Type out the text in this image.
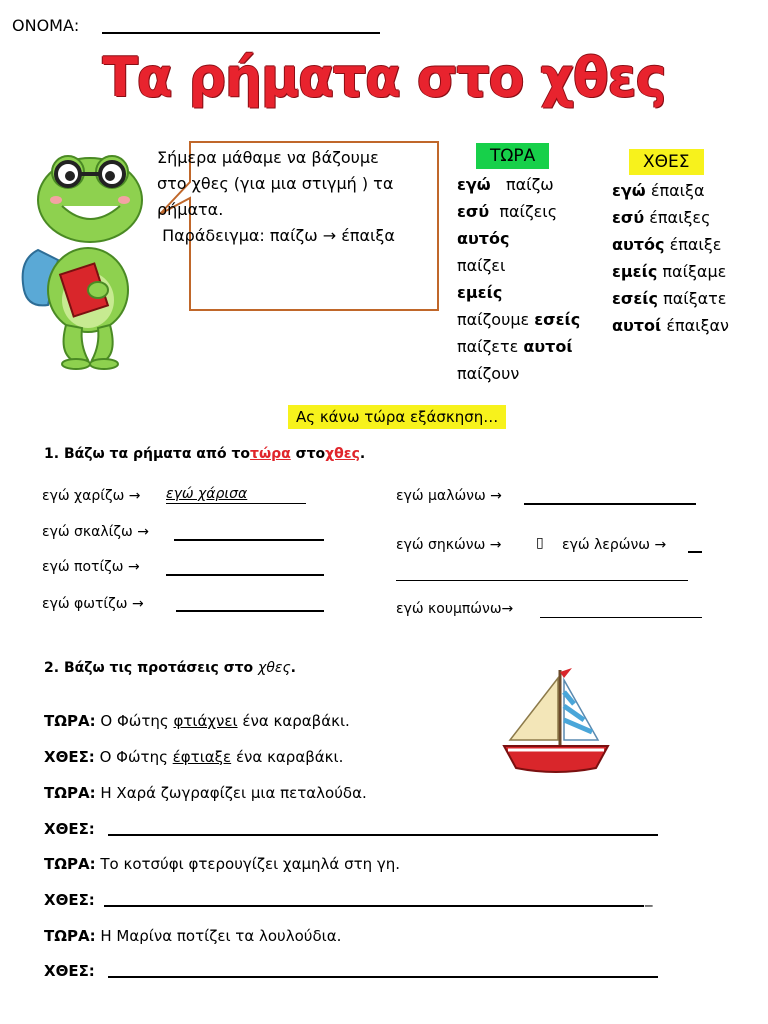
ΟΝΟΜΑ:
Τα ρήματα στο χθες
Σήμερα μάθαμε να βάζουμε
στο χθες (για μια στιγμή ) τα
ρήματα.
Παράδειγμα: παίζω → έπαιξα
ΤΩΡΑ
εγώ παίζω
εσύ παίζεις
αυτός
παίζει
εμείς
παίζουμε εσείς
παίζετε αυτοί
παίζουν
ΧΘΕΣ
εγώ έπαιξα
εσύ έπαιξες
αυτός έπαιξε
εμείς παίξαμε
εσείς παίξατε
αυτοί έπαιξαν
Ας κάνω τώρα εξάσκηση…
1. Βάζω τα ρήματα από τοτώρα στοχθες.
εγώ χαρίζω → εγώ χάρισα
εγώ σκαλίζω →
εγώ ποτίζω →
εγώ φωτίζω →
εγώ μαλώνω →
εγώ σηκώνω → ▯ εγώ λερώνω →
εγώ κουμπώνω→
2. Βάζω τις προτάσεις στο χθες.
ΤΩΡΑ: Ο Φώτης φτιάχνει ένα καραβάκι.
ΧΘΕΣ: Ο Φώτης έφτιαξε ένα καραβάκι.
ΤΩΡΑ: Η Χαρά ζωγραφίζει μια πεταλούδα.
ΧΘΕΣ:
ΤΩΡΑ: Το κοτσύφι φτερουγίζει χαμηλά στη γη.
ΧΘΕΣ:	_
ΤΩΡΑ: Η Μαρίνα ποτίζει τα λουλούδια.
ΧΘΕΣ:
